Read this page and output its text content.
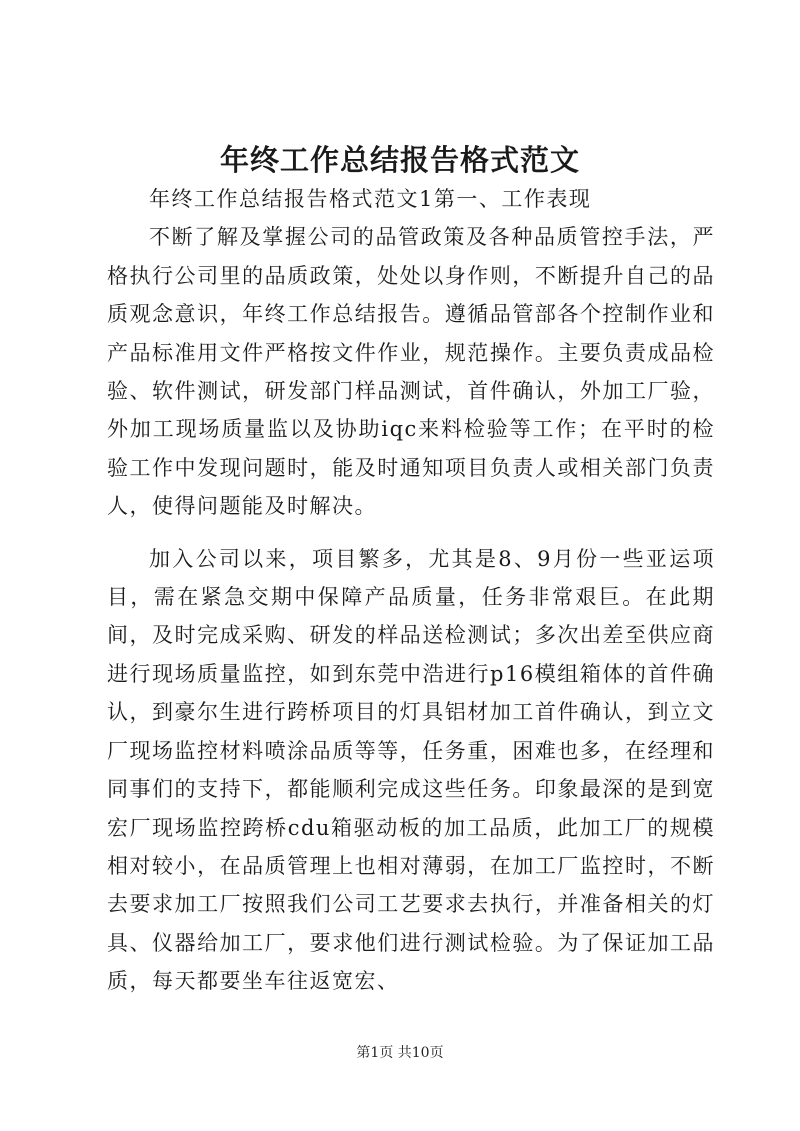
年终工作总结报告格式范文

年终工作总结报告格式范文1第一、工作表现

不断了解及掌握公司的品管政策及各种品质管控手法，严格执行公司里的品质政策，处处以身作则，不断提升自己的品质观念意识，年终工作总结报告。遵循品管部各个控制作业和产品标准用文件严格按文件作业，规范操作。主要负责成品检验、软件测试，研发部门样品测试，首件确认，外加工厂验，外加工现场质量监以及协助iqc来料检验等工作；在平时的检验工作中发现问题时，能及时通知项目负责人或相关部门负责人，使得问题能及时解决。

加入公司以来，项目繁多，尤其是8、9月份一些亚运项目，需在紧急交期中保障产品质量，任务非常艰巨。在此期间，及时完成采购、研发的样品送检测试；多次出差至供应商进行现场质量监控，如到东莞中浩进行p16模组箱体的首件确认，到豪尔生进行跨桥项目的灯具铝材加工首件确认，到立文厂现场监控材料喷涂品质等等，任务重，困难也多，在经理和同事们的支持下，都能顺利完成这些任务。印象最深的是到宽宏厂现场监控跨桥cdu箱驱动板的加工品质，此加工厂的规模相对较小，在品质管理上也相对薄弱，在加工厂监控时，不断去要求加工厂按照我们公司工艺要求去执行，并准备相关的灯具、仪器给加工厂，要求他们进行测试检验。为了保证加工品质，每天都要坐车往返宽宏、

第1页 共10页
